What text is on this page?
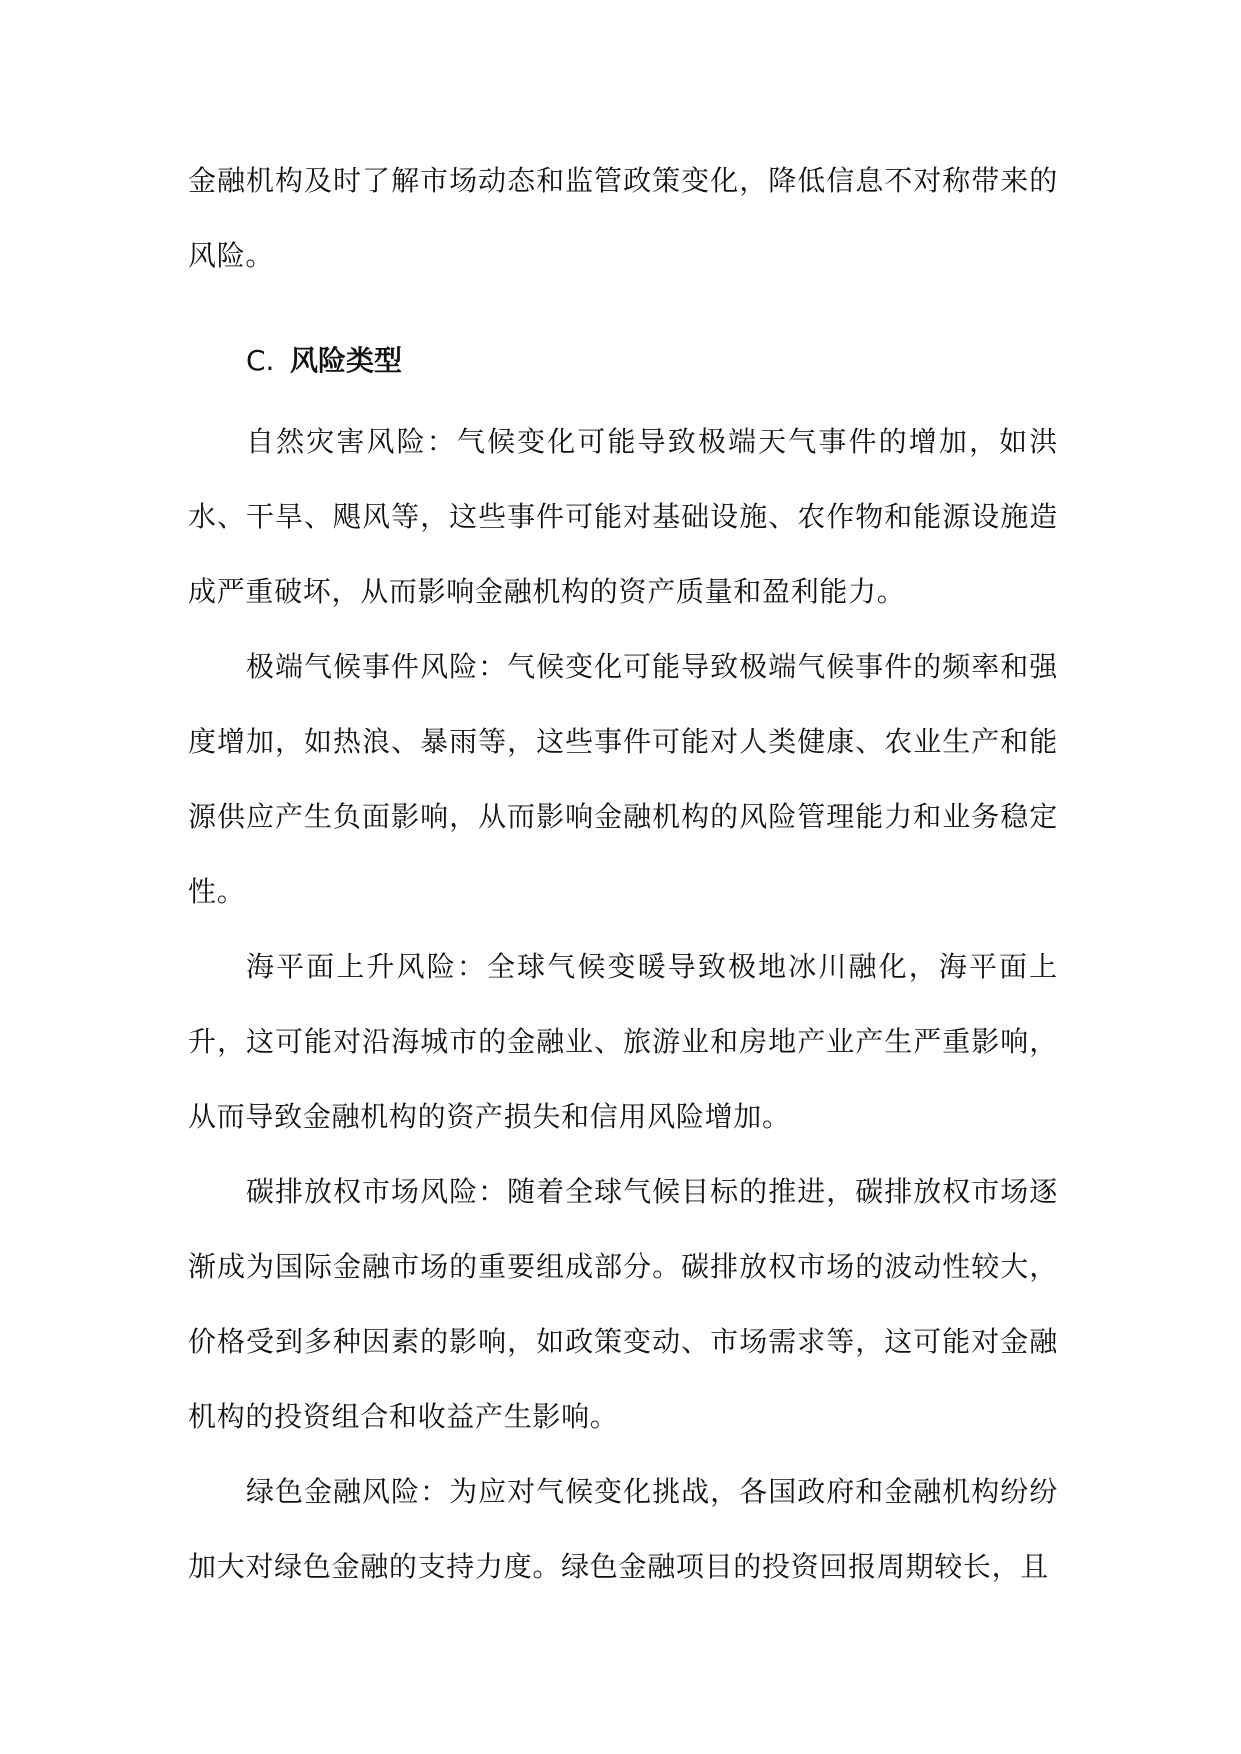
金融机构及时了解市场动态和监管政策变化，降低信息不对称带来的风险。

C. 风险类型

自然灾害风险：气候变化可能导致极端天气事件的增加，如洪水、干旱、飓风等，这些事件可能对基础设施、农作物和能源设施造成严重破坏，从而影响金融机构的资产质量和盈利能力。

极端气候事件风险：气候变化可能导致极端气候事件的频率和强度增加，如热浪、暴雨等，这些事件可能对人类健康、农业生产和能源供应产生负面影响，从而影响金融机构的风险管理能力和业务稳定性。

海平面上升风险：全球气候变暖导致极地冰川融化，海平面上升，这可能对沿海城市的金融业、旅游业和房地产业产生严重影响，从而导致金融机构的资产损失和信用风险增加。

碳排放权市场风险：随着全球气候目标的推进，碳排放权市场逐渐成为国际金融市场的重要组成部分。碳排放权市场的波动性较大，价格受到多种因素的影响，如政策变动、市场需求等，这可能对金融机构的投资组合和收益产生影响。

绿色金融风险：为应对气候变化挑战，各国政府和金融机构纷纷加大对绿色金融的支持力度。绿色金融项目的投资回报周期较长，且
